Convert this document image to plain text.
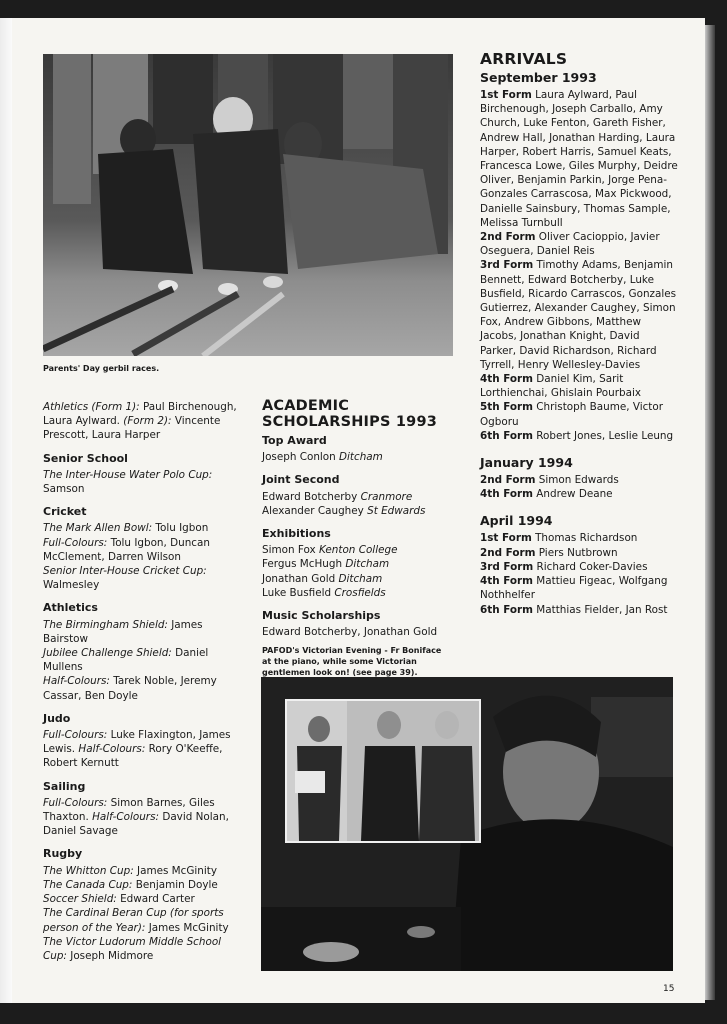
Parents' Day gerbil races.

Athletics (Form 1): Paul Birchenough, Laura Aylward. (Form 2): Vincente Prescott, Laura Harper

Senior School

The Inter-House Water Polo Cup:

Samson

Cricket

The Mark Allen Bowl: Tolu Igbon

Full-Colours: Tolu Igbon, Duncan McClement, Darren Wilson

Senior Inter-House Cricket Cup: Walmesley

Athletics

The Birmingham Shield: James Bairstow

Jubilee Challenge Shield: Daniel Mullens

Half-Colours: Tarek Noble, Jeremy Cassar, Ben Doyle

Judo

Full-Colours: Luke Flaxington, James Lewis. Half-Colours: Rory O'Keeffe, Robert Kernutt

Sailing

Full-Colours: Simon Barnes, Giles Thaxton. Half-Colours: David Nolan, Daniel Savage

Rugby

The Whitton Cup: James McGinity

The Canada Cup: Benjamin Doyle

Soccer Shield: Edward Carter

The Cardinal Beran Cup (for sports person of the Year): James McGinity

The Victor Ludorum Middle School Cup: Joseph Midmore

ACADEMIC
SCHOLARSHIPS 1993
Top Award

Joseph Conlon Ditcham

Joint Second

Edward Botcherby Cranmore

Alexander Caughey St Edwards

Exhibitions

Simon Fox Kenton College

Fergus McHugh Ditcham

Jonathan Gold Ditcham

Luke Busfield Crosfields

Music Scholarships

Edward Botcherby, Jonathan Gold

PAFOD's Victorian Evening - Fr Boniface at the piano, while some Victorian gentlemen look on! (see page 39).
ARRIVALS
September 1993

1st Form Laura Aylward, Paul Birchenough, Joseph Carballo, Amy Church, Luke Fenton, Gareth Fisher, Andrew Hall, Jonathan Harding, Laura Harper, Robert Harris, Samuel Keats, Francesca Lowe, Giles Murphy, Deidre Oliver, Benjamin Parkin, Jorge Pena-Gonzales Carrascosa, Max Pickwood, Danielle Sainsbury, Thomas Sample, Melissa Turnbull

2nd Form Oliver Cacioppio, Javier Oseguera, Daniel Reis

3rd Form Timothy Adams, Benjamin Bennett, Edward Botcherby, Luke Busfield, Ricardo Carrascos, Gonzales Gutierrez, Alexander Caughey, Simon Fox, Andrew Gibbons, Matthew Jacobs, Jonathan Knight, David Parker, David Richardson, Richard Tyrrell, Henry Wellesley-Davies

4th Form Daniel Kim, Sarit Lorthienchai, Ghislain Pourbaix

5th Form Christoph Baume, Victor Ogboru

6th Form Robert Jones, Leslie Leung

January 1994

2nd Form Simon Edwards

4th Form Andrew Deane

April 1994

1st Form Thomas Richardson

2nd Form Piers Nutbrown

3rd Form Richard Coker-Davies

4th Form Mattieu Figeac, Wolfgang Nothhelfer

6th Form Matthias Fielder, Jan Rost

15
